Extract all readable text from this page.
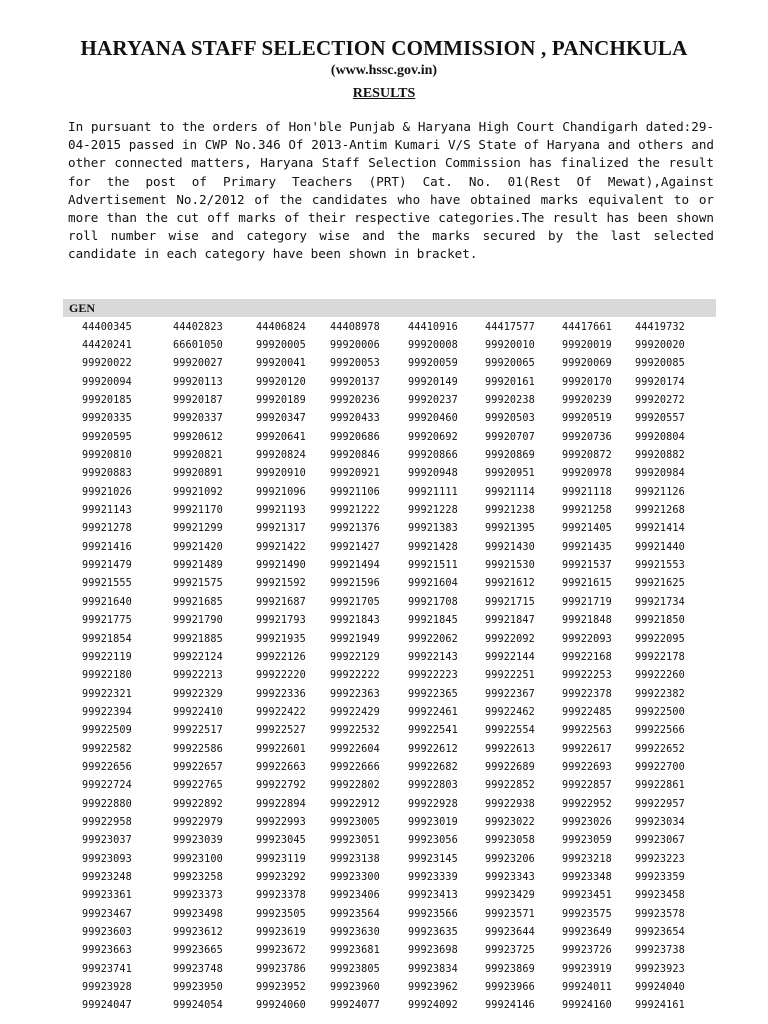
HARYANA STAFF SELECTION COMMISSION , PANCHKULA
(www.hssc.gov.in)
RESULTS
In pursuant to the orders of Hon'ble Punjab & Haryana High Court Chandigarh dated:29-04-2015 passed in CWP No.346 Of 2013-Antim Kumari V/S State of Haryana and others and other connected matters, Haryana Staff Selection Commission has finalized the result for the post of Primary Teachers (PRT) Cat. No. 01(Rest Of Mewat),Against Advertisement No.2/2012 of the candidates who have obtained marks equivalent to or more than the cut off marks of their respective categories.The result has been shown roll number wise and category wise and the marks secured by the last selected candidate in each category have been shown in bracket.
GEN
44400345	44402823	44406824	44408978	44410916	44417577	44417661	44419732
44420241	66601050	99920005	99920006	99920008	99920010	99920019	99920020
99920022	99920027	99920041	99920053	99920059	99920065	99920069	99920085
99920094	99920113	99920120	99920137	99920149	99920161	99920170	99920174
99920185	99920187	99920189	99920236	99920237	99920238	99920239	99920272
99920335	99920337	99920347	99920433	99920460	99920503	99920519	99920557
99920595	99920612	99920641	99920686	99920692	99920707	99920736	99920804
99920810	99920821	99920824	99920846	99920866	99920869	99920872	99920882
99920883	99920891	99920910	99920921	99920948	99920951	99920978	99920984
99921026	99921092	99921096	99921106	99921111	99921114	99921118	99921126
99921143	99921170	99921193	99921222	99921228	99921238	99921258	99921268
99921278	99921299	99921317	99921376	99921383	99921395	99921405	99921414
99921416	99921420	99921422	99921427	99921428	99921430	99921435	99921440
99921479	99921489	99921490	99921494	99921511	99921530	99921537	99921553
99921555	99921575	99921592	99921596	99921604	99921612	99921615	99921625
99921640	99921685	99921687	99921705	99921708	99921715	99921719	99921734
99921775	99921790	99921793	99921843	99921845	99921847	99921848	99921850
99921854	99921885	99921935	99921949	99922062	99922092	99922093	99922095
99922119	99922124	99922126	99922129	99922143	99922144	99922168	99922178
99922180	99922213	99922220	99922222	99922223	99922251	99922253	99922260
99922321	99922329	99922336	99922363	99922365	99922367	99922378	99922382
99922394	99922410	99922422	99922429	99922461	99922462	99922485	99922500
99922509	99922517	99922527	99922532	99922541	99922554	99922563	99922566
99922582	99922586	99922601	99922604	99922612	99922613	99922617	99922652
99922656	99922657	99922663	99922666	99922682	99922689	99922693	99922700
99922724	99922765	99922792	99922802	99922803	99922852	99922857	99922861
99922880	99922892	99922894	99922912	99922928	99922938	99922952	99922957
99922958	99922979	99922993	99923005	99923019	99923022	99923026	99923034
99923037	99923039	99923045	99923051	99923056	99923058	99923059	99923067
99923093	99923100	99923119	99923138	99923145	99923206	99923218	99923223
99923248	99923258	99923292	99923300	99923339	99923343	99923348	99923359
99923361	99923373	99923378	99923406	99923413	99923429	99923451	99923458
99923467	99923498	99923505	99923564	99923566	99923571	99923575	99923578
99923603	99923612	99923619	99923630	99923635	99923644	99923649	99923654
99923663	99923665	99923672	99923681	99923698	99923725	99923726	99923738
99923741	99923748	99923786	99923805	99923834	99923869	99923919	99923923
99923928	99923950	99923952	99923960	99923962	99923966	99924011	99924040
99924047	99924054	99924060	99924077	99924092	99924146	99924160	99924161
